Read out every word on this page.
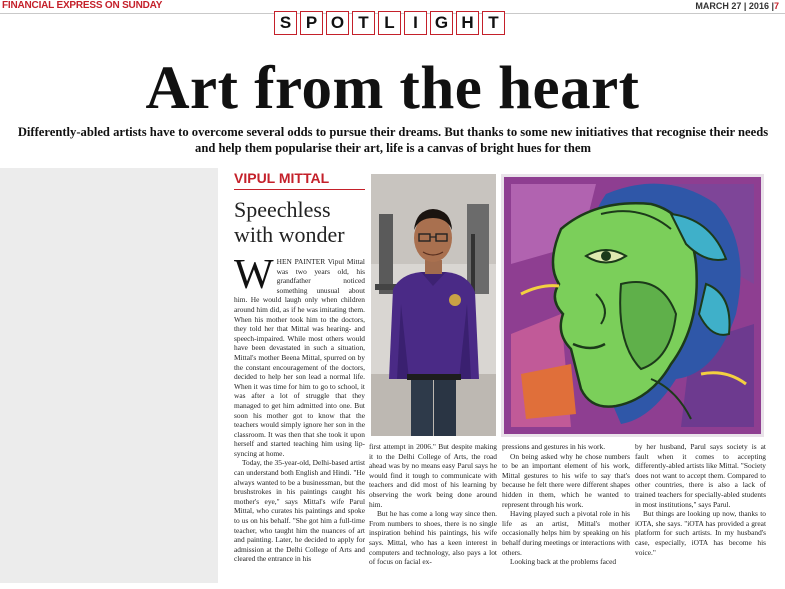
FINANCIAL EXPRESS ON SUNDAY	MARCH 27 | 2016 |7
S P O T L	I	G H T
Art from the heart
Differently-abled artists have to overcome several odds to pursue their dreams. But thanks to some new initiatives that recognise their needs and help them popularise their art, life is a canvas of bright hues for them
VIPUL MITTAL
Speechless with wonder

WHEN PAINTER Vipul Mittal was two years old, his grandfather noticed something unusual about him. He would laugh only when children around him did, as if he was imitating them. When his mother took him to the doctors, they told her that Mittal was hearing- and speech-impaired. While most others would have been devastated in such a situation, Mittal's mother Beena Mittal, spurred on by the constant encouragement of the doctors, decided to help her son lead a normal life. When it was time for him to go to school, it was after a lot of struggle that they managed to get him admitted into one. But soon his mother got to know that the teachers would simply ignore her son in the classroom. It was then that she took it upon herself and started teaching him using lip-syncing at home.

Today, the 35-year-old, Delhi-based artist can understand both English and Hindi. "He always wanted to be a businessman, but the brushstrokes in his paintings caught his mother's eye," says Mittal's wife Parul Mittal, who curates his paintings and spoke to us on his behalf. "She got him a full-time teacher, who taught him the nuances of art and painting. Later, he decided to apply for admission at the Delhi College of Arts and cleared the entrance in his

first attempt in 2006." But despite making it to the Delhi College of Arts, the road ahead was by no means easy Parul says he would find it tough to communicate with teachers and did most of his learning by observing the work being done around him.

But he has come a long way since then. From numbers to shoes, there is no single inspiration behind his paintings, his wife says. Mittal, who has a keen interest in computers and technology, also pays a lot of focus on facial ex-

pressions and gestures in his work.

On being asked why he chose numbers to be an important element of his work, Mittal gestures to his wife to say that's because he felt there were different shapes hidden in them, which he wanted to represent through his work.

Having played such a pivotal role in his life as an artist, Mittal's mother occasionally helps him by speaking on his behalf during meetings or interactions with others.

Looking back at the problems faced

by her husband, Parul says society is at fault when it comes to accepting differently-abled artists like Mittal. "Society does not want to accept them. Compared to other countries, there is also a lack of trained teachers for specially-abled students in most institutions," says Parul.

But things are looking up now, thanks to iOTA, she says. "iOTA has provided a great platform for such artists. In my husband's case, especially, iOTA has become his voice."
